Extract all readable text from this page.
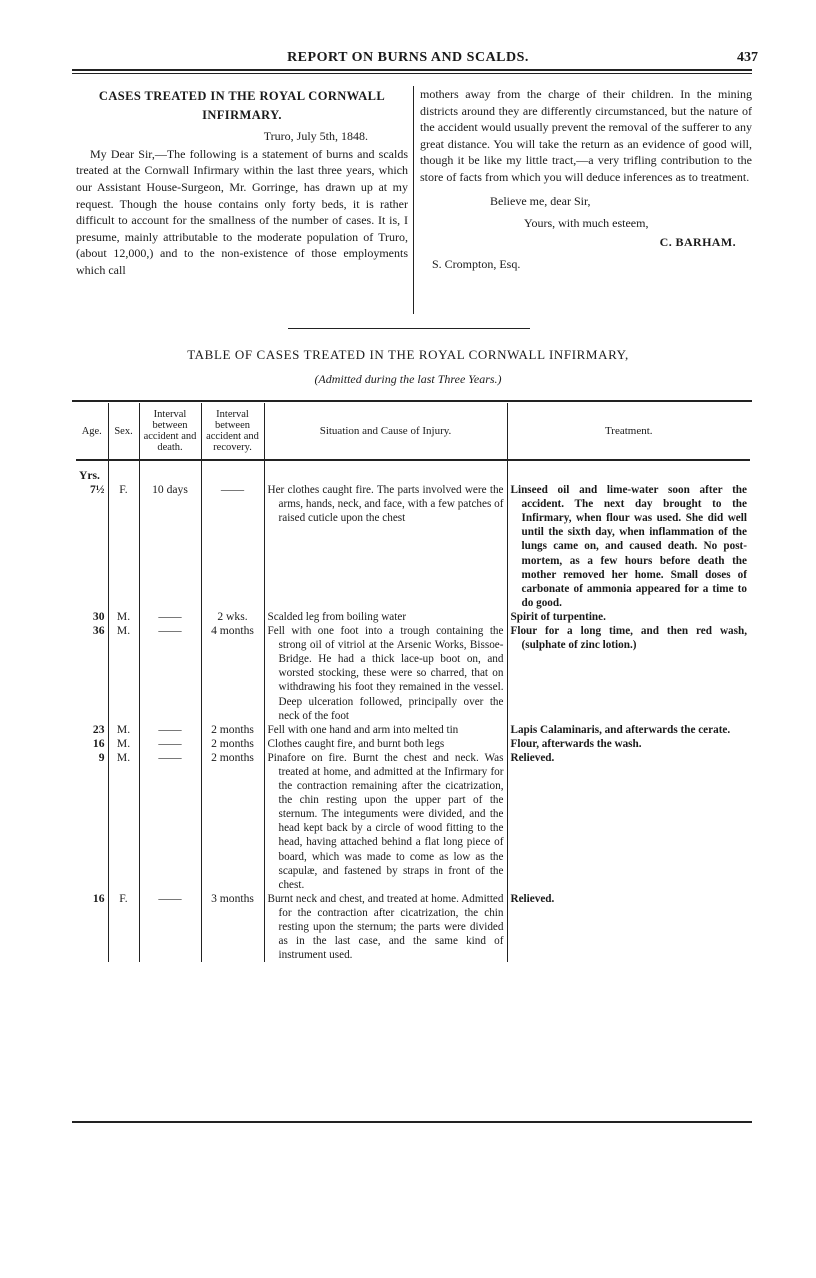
REPORT ON BURNS AND SCALDS.	437
CASES TREATED IN THE ROYAL CORNWALL
INFIRMARY.
Truro, July 5th, 1848.
My Dear Sir,—The following is a statement of burns and scalds treated at the Cornwall Infirmary within the last three years, which our Assistant House-Surgeon, Mr. Gorringe, has drawn up at my request. Though the house contains only forty beds, it is rather difficult to account for the smallness of the number of cases. It is, I presume, mainly attributable to the moderate population of Truro, (about 12,000,) and to the non-existence of those employments which call
mothers away from the charge of their children. In the mining districts around they are differently circumstanced, but the nature of the accident would usually prevent the removal of the sufferer to any great distance. You will take the return as an evidence of good will, though it be like my little tract,—a very trifling contribution to the store of facts from which you will deduce inferences as to treatment.
Believe me, dear Sir,
Yours, with much esteem,
C. BARHAM.
S. Crompton, Esq.
TABLE OF CASES TREATED IN THE ROYAL CORNWALL INFIRMARY,
(Admitted during the last Three Years.)
Age.	Sex.	Interval between accident and death.	Interval between accident and recovery.	Situation and Cause of Injury.	Treatment.
Yrs.					
7½	F.	10 days	——	Her clothes caught fire. The parts involved were the arms, hands, neck, and face, with a few patches of raised cuticle upon the chest	Linseed oil and lime-water soon after the accident. The next day brought to the Infirmary, when flour was used. She did well until the sixth day, when inflammation of the lungs came on, and caused death. No post-mortem, as a few hours before death the mother removed her home. Small doses of carbonate of ammonia appeared for a time to do good.
30	M.	——	2 wks.	Scalded leg from boiling water	Spirit of turpentine.
36	M.	——	4 months	Fell with one foot into a trough containing the strong oil of vitriol at the Arsenic Works, Bissoe-Bridge. He had a thick lace-up boot on, and worsted stocking, these were so charred, that on withdrawing his foot they remained in the vessel. Deep ulceration followed, principally over the neck of the foot	Flour for a long time, and then red wash, (sulphate of zinc lotion.)
23	M.	——	2 months	Fell with one hand and arm into melted tin	Lapis Calaminaris, and afterwards the cerate.
16	M.	——	2 months	Clothes caught fire, and burnt both legs	Flour, afterwards the wash.
9	M.	——	2 months	Pinafore on fire. Burnt the chest and neck. Was treated at home, and admitted at the Infirmary for the contraction remaining after the cicatrization, the chin resting upon the upper part of the sternum. The integuments were divided, and the head kept back by a circle of wood fitting to the head, having attached behind a flat long piece of board, which was made to come as low as the scapulæ, and fastened by straps in front of the chest.	Relieved.
16	F.	——	3 months	Burnt neck and chest, and treated at home. Admitted for the contraction after cicatrization, the chin resting upon the sternum; the parts were divided as in the last case, and the same kind of instrument used.	Relieved.
